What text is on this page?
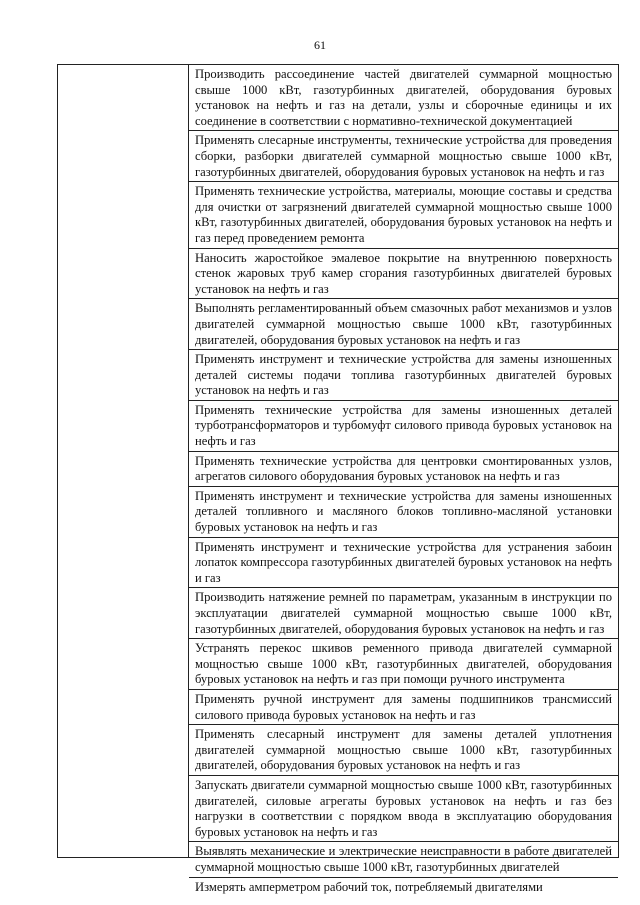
61
Производить рассоединение частей двигателей суммарной мощностью свыше 1000 кВт, газотурбинных двигателей, оборудования буровых установок на нефть и газ на детали, узлы и сборочные единицы и их соединение в соответствии с нормативно-технической документацией
Применять слесарные инструменты, технические устройства для проведения сборки, разборки двигателей суммарной мощностью свыше 1000 кВт, газотурбинных двигателей, оборудования буровых установок на нефть и газ
Применять технические устройства, материалы, моющие составы и средства для очистки от загрязнений двигателей суммарной мощностью свыше 1000 кВт, газотурбинных двигателей, оборудования буровых установок на нефть и газ перед проведением ремонта
Наносить жаростойкое эмалевое покрытие на внутреннюю поверхность стенок жаровых труб камер сгорания газотурбинных двигателей буровых установок на нефть и газ
Выполнять регламентированный объем смазочных работ механизмов и узлов двигателей суммарной мощностью свыше 1000 кВт, газотурбинных двигателей, оборудования буровых установок на нефть и газ
Применять инструмент и технические устройства для замены изношенных деталей системы подачи топлива газотурбинных двигателей буровых установок на нефть и газ
Применять технические устройства для замены изношенных деталей турботрансформаторов и турбомуфт силового привода буровых установок на нефть и газ
Применять технические устройства для центровки смонтированных узлов, агрегатов силового оборудования буровых установок на нефть и газ
Применять инструмент и технические устройства для замены изношенных деталей топливного и масляного блоков топливно-масляной установки буровых установок на нефть и газ
Применять инструмент и технические устройства для устранения забоин лопаток компрессора газотурбинных двигателей буровых установок на нефть и газ
Производить натяжение ремней по параметрам, указанным в инструкции по эксплуатации двигателей суммарной мощностью свыше 1000 кВт, газотурбинных двигателей, оборудования буровых установок на нефть и газ
Устранять перекос шкивов ременного привода двигателей суммарной мощностью свыше 1000 кВт, газотурбинных двигателей, оборудования буровых установок на нефть и газ при помощи ручного инструмента
Применять ручной инструмент для замены подшипников трансмиссий силового привода буровых установок на нефть и газ
Применять слесарный инструмент для замены деталей уплотнения двигателей суммарной мощностью свыше 1000 кВт, газотурбинных двигателей, оборудования буровых установок на нефть и газ
Запускать двигатели суммарной мощностью свыше 1000 кВт, газотурбинных двигателей, силовые агрегаты буровых установок на нефть и газ без нагрузки в соответствии с порядком ввода в эксплуатацию оборудования буровых установок на нефть и газ
Выявлять механические и электрические неисправности в работе двигателей суммарной мощностью свыше 1000 кВт, газотурбинных двигателей
Измерять амперметром рабочий ток, потребляемый двигателями
